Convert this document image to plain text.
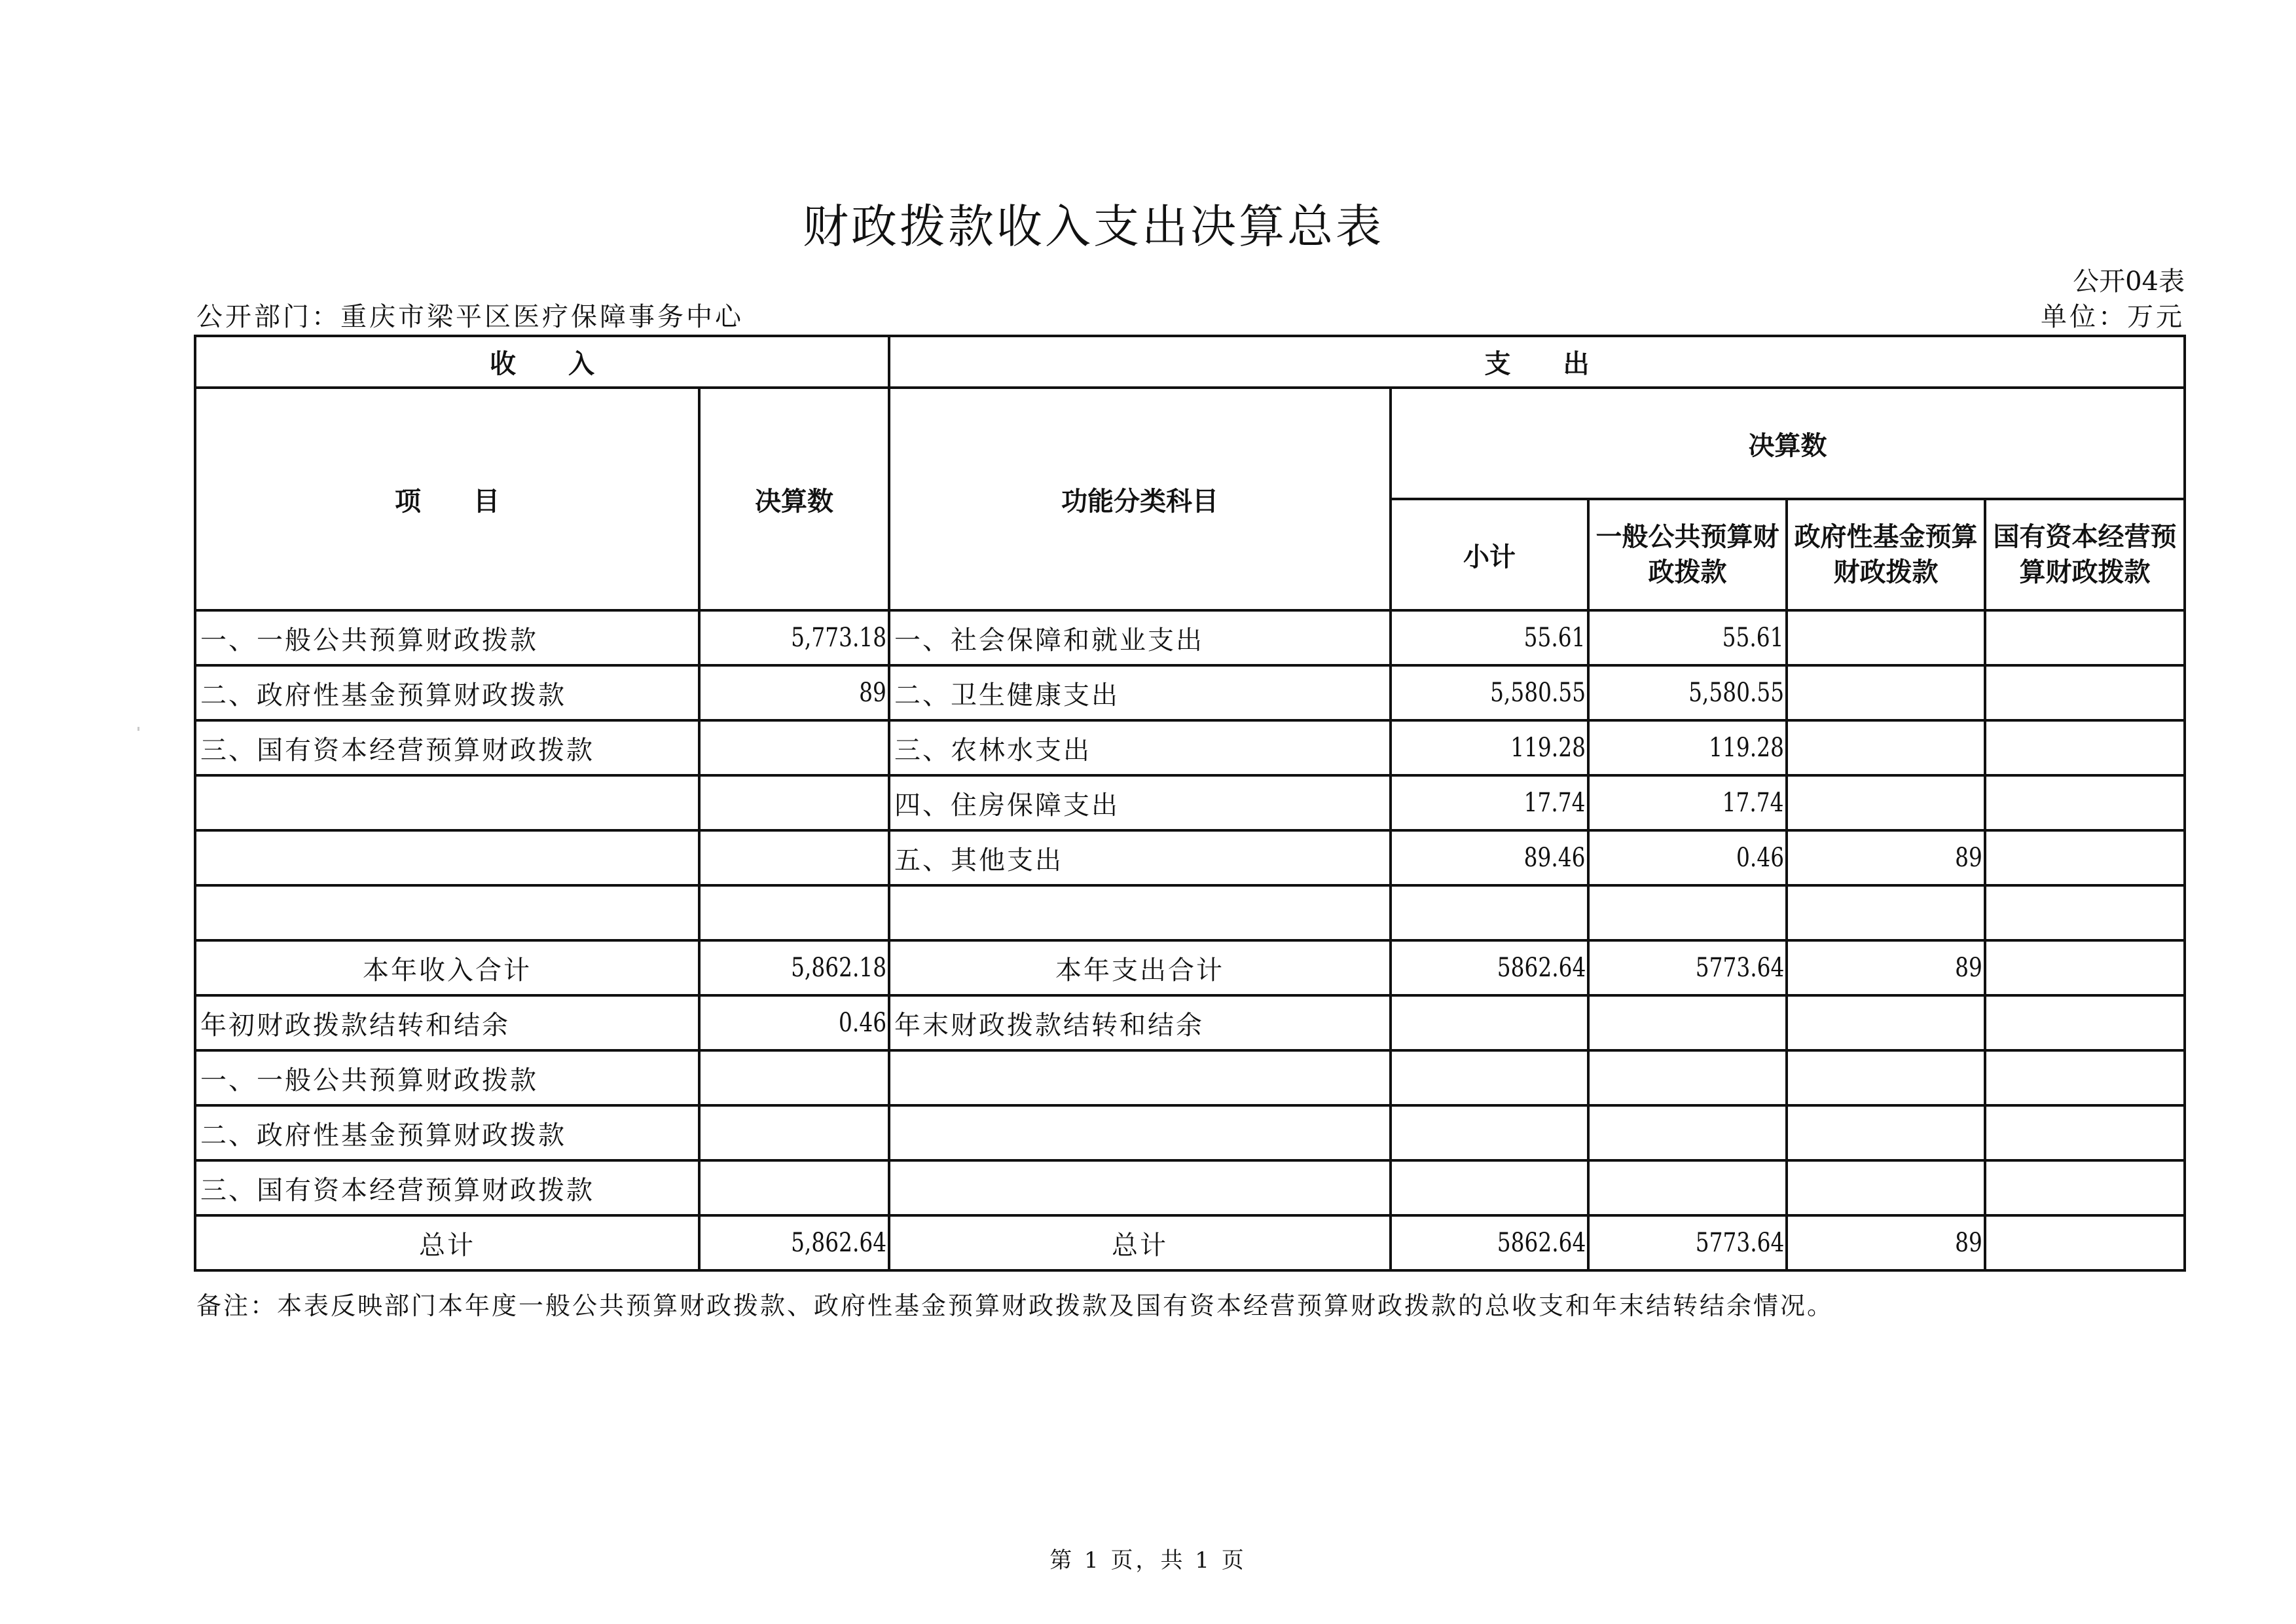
财政拨款收入支出决算总表
公开04表
公开部门：重庆市梁平区医疗保障事务中心	单位：万元
收　　入		支　　出				
项　　目	决算数	功能分类科目	决算数			
			小计	一般公共预算财政拨款	政府性基金预算财政拨款	国有资本经营预算财政拨款
一、一般公共预算财政拨款	5,773.18	一、社会保障和就业支出	55.61	55.61		
二、政府性基金预算财政拨款	89	二、卫生健康支出	5,580.55	5,580.55		
三、国有资本经营预算财政拨款		三、农林水支出	119.28	119.28		
		四、住房保障支出	17.74	17.74		
		五、其他支出	89.46	0.46	89	

本年收入合计	5,862.18	本年支出合计	5862.64	5773.64	89	
年初财政拨款结转和结余	0.46	年末财政拨款结转和结余				
一、一般公共预算财政拨款						
二、政府性基金预算财政拨款						
三、国有资本经营预算财政拨款						
总计	5,862.64	总计	5862.64	5773.64	89	
备注：本表反映部门本年度一般公共预算财政拨款、政府性基金预算财政拨款及国有资本经营预算财政拨款的总收支和年末结转结余情况。
第 1 页，共 1 页
